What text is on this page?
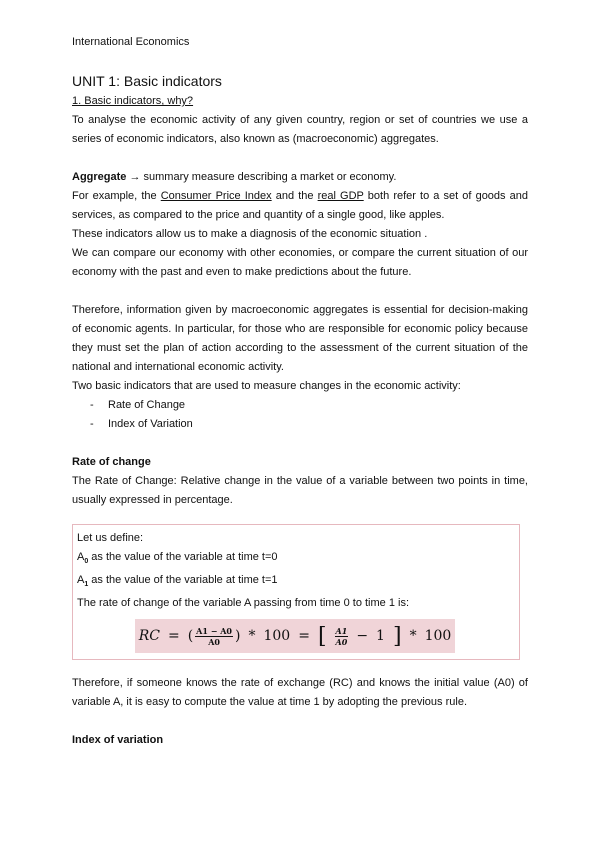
International Economics
UNIT 1: Basic indicators
1. Basic indicators, why?
To analyse the economic activity of any given country, region or set of countries we use a series of economic indicators, also known as (macroeconomic) aggregates.
Aggregate → summary measure describing a market or economy.
For example, the Consumer Price Index and the real GDP both refer to a set of goods and services, as compared to the price and quantity of a single good, like apples.
These indicators allow us to make a diagnosis of the economic situation .
We can compare our economy with other economies, or compare the current situation of our economy with the past and even to make predictions about the future.
Therefore, information given by macroeconomic aggregates is essential for decision-making of economic agents. In particular, for those who are responsible for economic policy because they must set the plan of action according to the assessment of the current situation of the national and international economic activity.
Two basic indicators that are used to measure changes in the economic activity:
- Rate of Change
- Index of Variation
Rate of change
The Rate of Change: Relative change in the value of a variable between two points in time, usually expressed in percentage.
Let us define:
$A_0$ as the value of the variable at time t=0
$A_1$ as the value of the variable at time t=1
The rate of change of the variable A passing from time 0 to time 1 is:
RC = ( $\frac{A1 - A0}{A0}$ ) * 100 = [ $\frac{A1}{A0} - 1$ ] * 100
Therefore, if someone knows the rate of exchange (RC) and knows the initial value (A0) of variable A, it is easy to compute the value at time 1 by adopting the previous rule.
Index of variation
